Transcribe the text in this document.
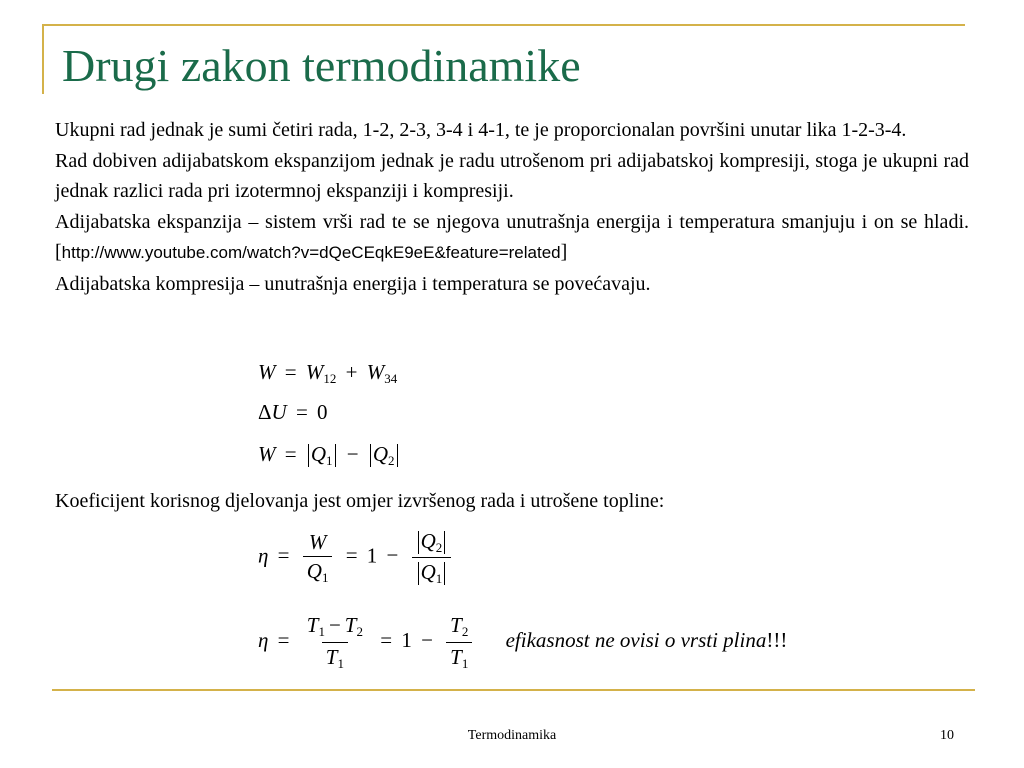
Drugi zakon termodinamike

Ukupni rad jednak je sumi četiri rada, 1-2, 2-3, 3-4 i 4-1, te je proporcionalan površini unutar lika 1-2-3-4.

Rad dobiven adijabatskom ekspanzijom jednak je radu utrošenom pri adijabatskoj kompresiji, stoga je ukupni rad jednak razlici rada pri izotermnoj ekspanziji i kompresiji.

Adijabatska ekspanzija – sistem vrši rad te se njegova unutrašnja energija i temperatura smanjuju i on se hladi. [http://www.youtube.com/watch?v=dQeCEqkE9eE&feature=related]

Adijabatska kompresija – unutrašnja energija i temperatura se povećavaju.

$W = W_{12} + W_{34}$
ΔU = 0
$W = Q_1 - Q_2$

Koeficijent korisnog djelovanja jest omjer izvršenog rada i utrošene topline:

$\eta = \frac{W}{Q_1} = 1 - \frac{Q_2}{Q_1}$
$\eta = \frac{T_1 - T_2}{T_1} = 1 - \frac{T_2}{T_1}$ efikasnost ne ovisi o vrsti plina!!!
Termodinamika	10
